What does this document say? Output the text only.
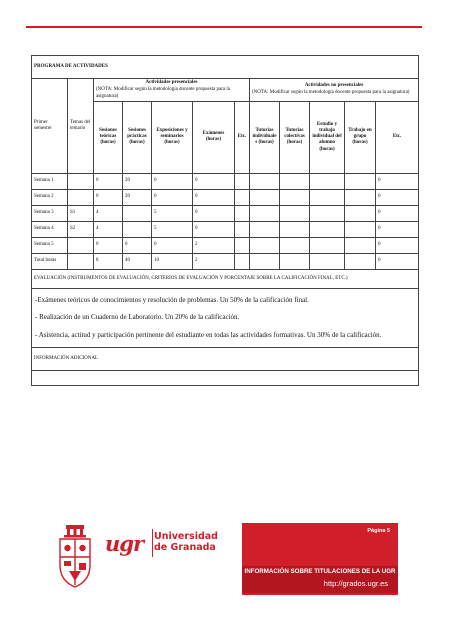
PROGRAMA DE ACTIVIDADES											
Primer semestre	Temas del temario	Actividades presenciales
(NOTA: Modificar según la metodología docente propuesta para la asignatura)					Actividades no presenciales
(NOTA: Modificar según la metodología docente propuesta para la asignatura)				

		Sesiones teóricas (horas)	Sesiones prácticas (horas)	Exposiciones y seminarios (horas)	Exámenes (horas)	Etc.	Tutorías individuales (horas)	Tutorías colectivas (horas)	Estudio y trabajo individual del alumno (horas)	Trabajo en grupo (horas)	Etc.
Semana 1		0	20	0	0						0
Semana 2		0	20	0	0						0
Semana 3	S1	4		5	0						0
Semana 4	S2	4		5	0						0
Semana 5		0	0	0	2						0
Total horas		8	40	10	2						0
EVALUACIÓN (INSTRUMENTOS DE EVALUACIÓN, CRITERIOS DE EVALUACIÓN Y PORCENTAJE SOBRE LA CALIFICACIÓN FINAL, ETC.)											

-Exámenes teóricos de conocimientos y resolución de problemas. Un 50% de la calificación final.

- Realización de un Cuaderno de Laboratorio. Un 20% de la calificación.

- Asistencia, actitud y participación pertinente del estudiante en todas las actividades formativas. Un 30% de la calificación.											

INFORMACIÓN ADICIONAL											

ugr Universidad
de Granada
Página 5
INFORMACIÓN SOBRE TITULACIONES DE LA UGR
http://grados.ugr.es
